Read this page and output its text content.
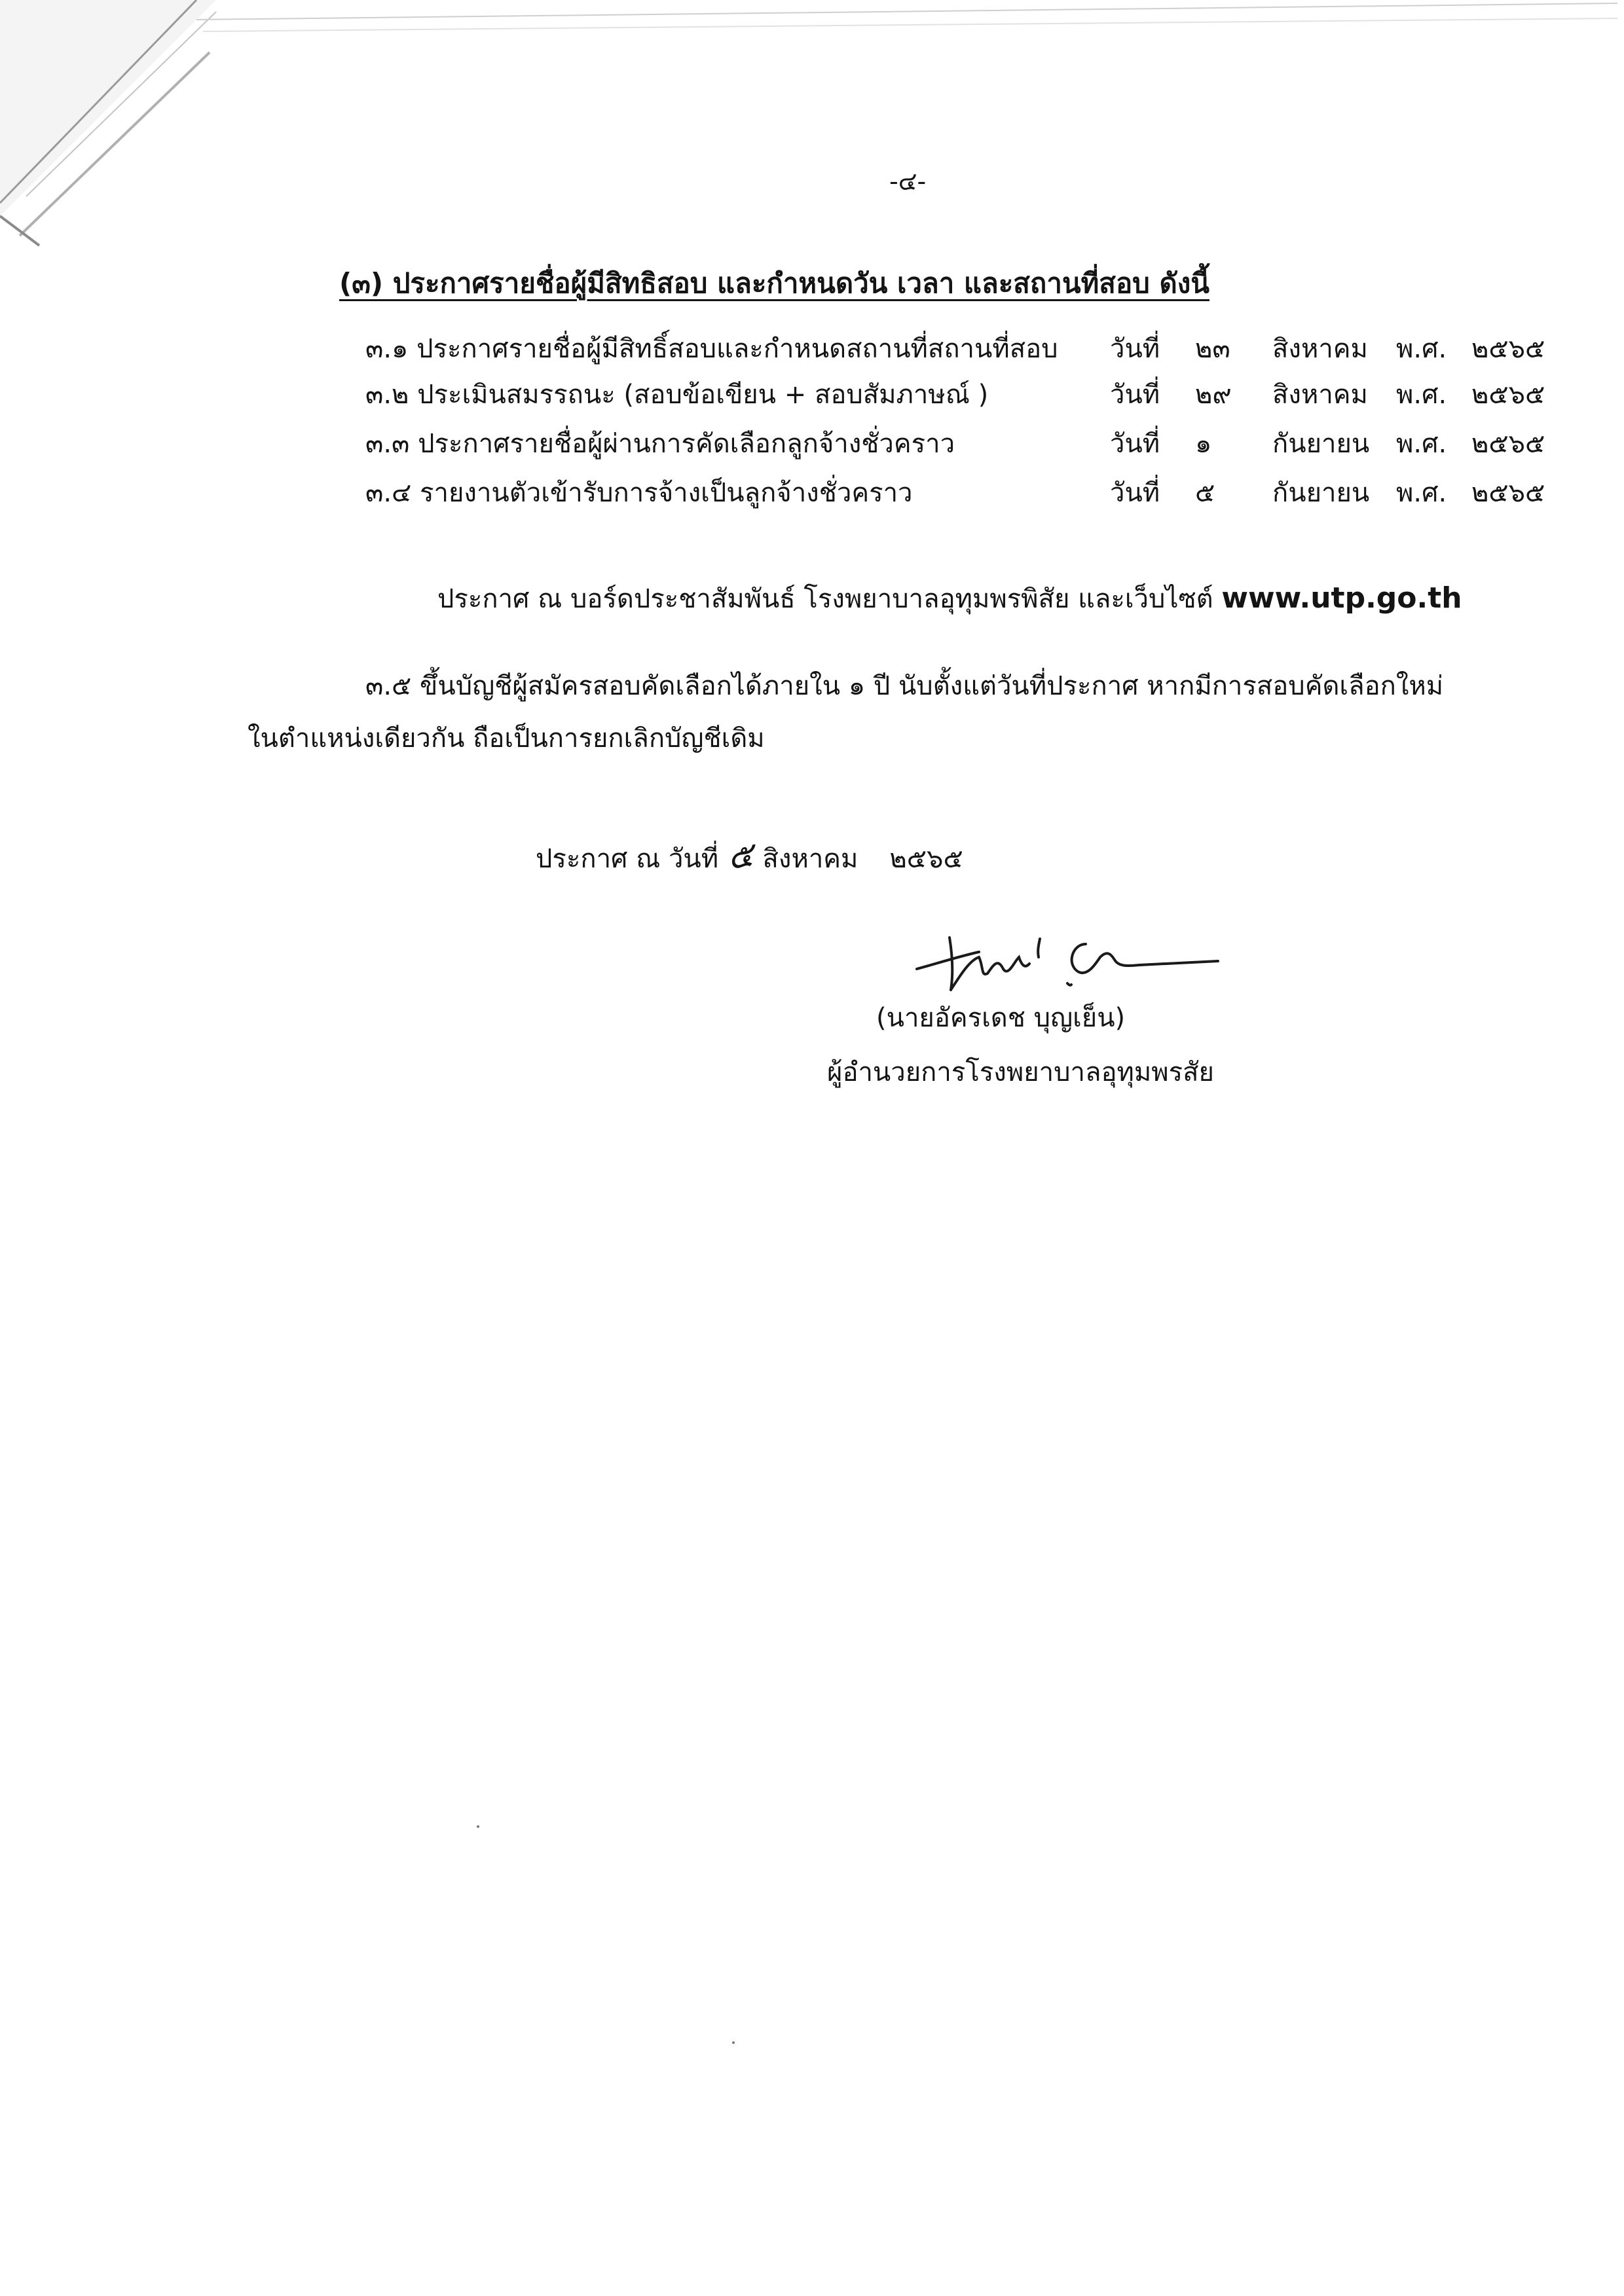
-๔-
(๓) ประกาศรายชื่อผู้มีสิทธิสอบ และกำหนดวัน เวลา และสถานที่สอบ ดังนี้
๓.๑ ประกาศรายชื่อผู้มีสิทธิ์สอบและกำหนดสถานที่สถานที่สอบ วันที่ ๒๓ สิงหาคม พ.ศ. ๒๕๖๕
๓.๒ ประเมินสมรรถนะ (สอบข้อเขียน + สอบสัมภาษณ์ )	วันที่ ๒๙ สิงหาคม พ.ศ. ๒๕๖๕
๓.๓ ประกาศรายชื่อผู้ผ่านการคัดเลือกลูกจ้างชั่วคราว	วันที่ ๑ กันยายน พ.ศ. ๒๕๖๕
๓.๔ รายงานตัวเข้ารับการจ้างเป็นลูกจ้างชั่วคราว	วันที่ ๕ กันยายน พ.ศ. ๒๕๖๕
ประกาศ ณ บอร์ดประชาสัมพันธ์ โรงพยาบาลอุทุมพรพิสัย และเว็บไซต์ www.utp.go.th
๓.๕ ขึ้นบัญชีผู้สมัครสอบคัดเลือกได้ภายใน ๑ ปี นับตั้งแต่วันที่ประกาศ หากมีการสอบคัดเลือกใหม่
ในตำแหน่งเดียวกัน ถือเป็นการยกเลิกบัญชีเดิม
ประกาศ ณ วันที่ ๕ สิงหาคม ๒๕๖๕
(นายอัครเดช บุญเย็น)
ผู้อำนวยการโรงพยาบาลอุทุมพรสัย
